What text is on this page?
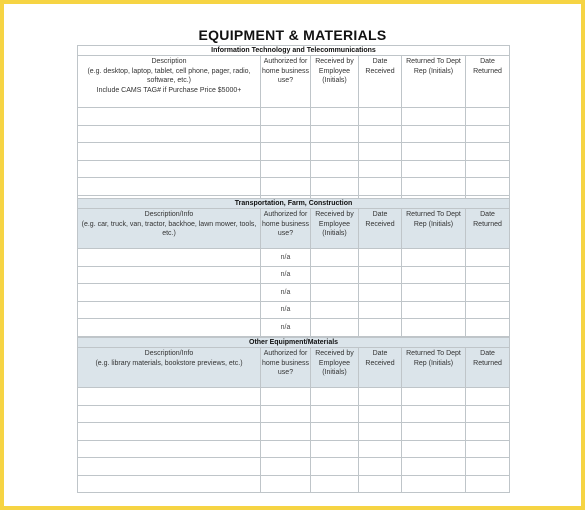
EQUIPMENT & MATERIALS
Information Technology and Telecommunications					

Description
(e.g. desktop, laptop, tablet, cell phone, pager, radio, software, etc.)
Include CAMS TAG# if Purchase Price $5000+	Authorized for home business use?	Received by Employee (Initials)	Date Received	Returned To Dept Rep (Initials)	Date Returned

Transportation, Farm, Construction					

Description/Info
(e.g. car, truck, van, tractor, backhoe, lawn mower, tools, etc.)	Authorized for home business use?	Received by Employee (Initials)	Date Received	Returned To Dept Rep (Initials)	Date Returned
	n/a				
	n/a				
	n/a				
	n/a				
	n/a				
Other Equipment/Materials					

Description/Info
(e.g. library materials, bookstore previews, etc.)	Authorized for home business use?	Received by Employee (Initials)	Date Received	Returned To Dept Rep (Initials)	Date Returned
